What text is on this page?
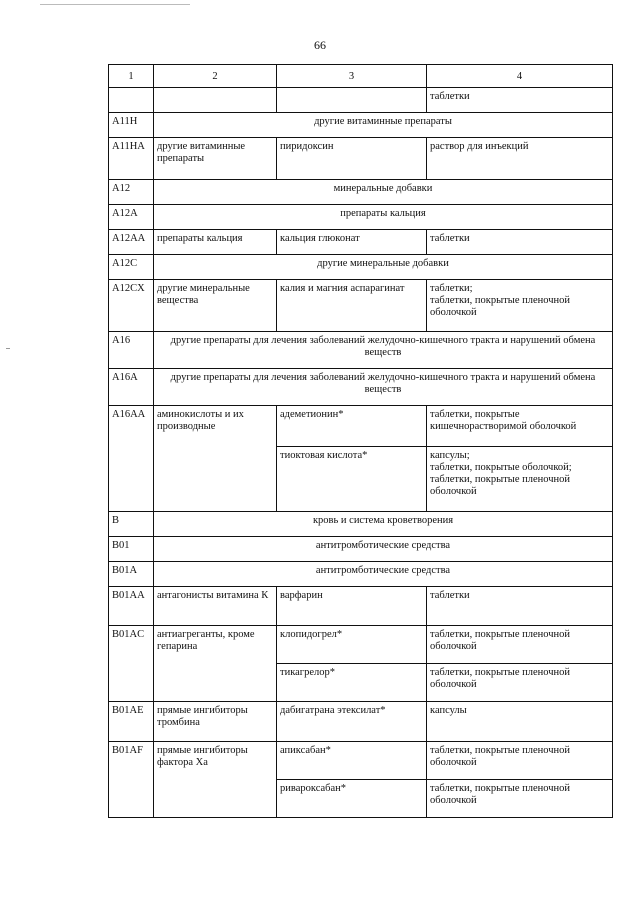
66
1	2	3	4

			таблетки

A11H	другие витаминные препараты		
A11HA	другие витаминные препараты	пиридоксин	раствор для инъекций

A12	минеральные добавки		
A12A	препараты кальция		
A12AA	препараты кальция	кальция глюконат	таблетки

A12C	другие минеральные добавки		
A12CX	другие минеральные вещества	калия и магния аспарагинат	таблетки;
таблетки, покрытые пленочной оболочкой

A16	другие препараты для лечения заболеваний желудочно-кишечного тракта и нарушений обмена веществ		
A16A	другие препараты для лечения заболеваний желудочно-кишечного тракта и нарушений обмена веществ		
A16AA	аминокислоты и их производные	адеметионин*	таблетки, покрытые кишечнорастворимой оболочкой

		тиоктовая кислота*	капсулы;
таблетки, покрытые оболочкой;
таблетки, покрытые пленочной оболочкой

B	кровь и система кроветворения		
B01	антитромботические средства		
B01A	антитромботические средства		
B01AA	антагонисты витамина К	варфарин	таблетки

B01AC	антиагреганты, кроме гепарина	клопидогрел*	таблетки, покрытые пленочной оболочкой

		тикагрелор*	таблетки, покрытые пленочной оболочкой

B01AE	прямые ингибиторы тромбина	дабигатрана этексилат*	капсулы

B01AF	прямые ингибиторы фактора Ха	апиксабан*	таблетки, покрытые пленочной оболочкой

		ривароксабан*	таблетки, покрытые пленочной оболочкой
